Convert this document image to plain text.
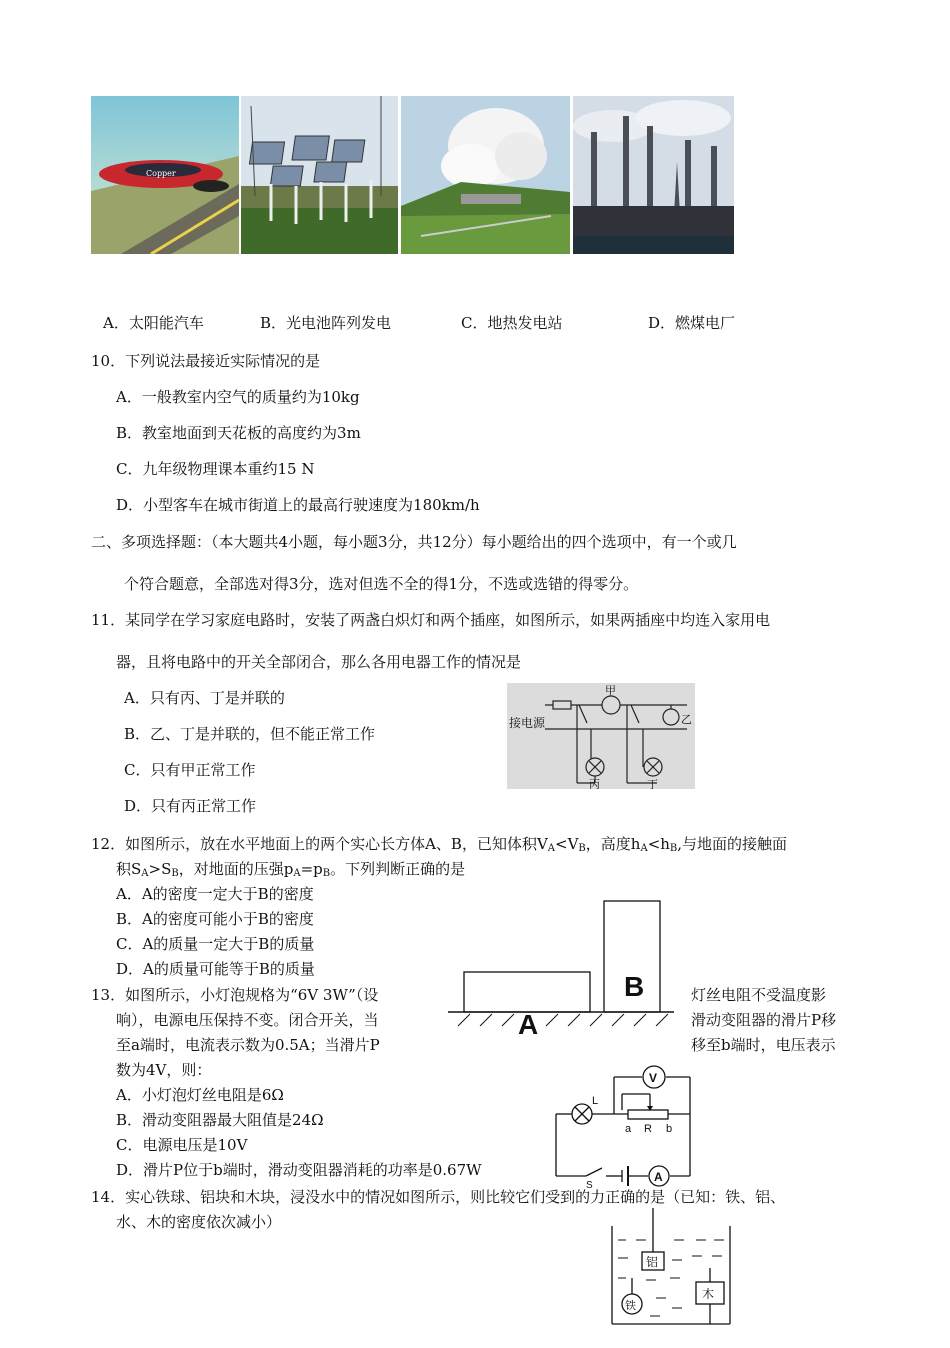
Copper
A．太阳能汽车	B．光电池阵列发电	C．地热发电站	D．燃煤电厂
10．下列说法最接近实际情况的是
A．一般教室内空气的质量约为10kg
B．教室地面到天花板的高度约为3m
C．九年级物理课本重约15 N
D．小型客车在城市街道上的最高行驶速度为180km/h
二、多项选择题：（本大题共4小题，每小题3分，共12分）每小题给出的四个选项中，有一个或几
个符合题意，全部选对得3分，选对但选不全的得1分，不选或选错的得零分。
11．某同学在学习家庭电路时，安装了两盏白炽灯和两个插座，如图所示，如果两插座中均连入家用电
器，且将电路中的开关全部闭合，那么各用电器工作的情况是
A．只有丙、丁是并联的
B．乙、丁是并联的，但不能正常工作
C．只有甲正常工作
D．只有丙正常工作
接电源
甲
乙
丙	丁
12．如图所示，放在水平地面上的两个实心长方体A、B，已知体积$V_A<V_B$，高度$h_A<h_B$,与地面的接触面
积$S_A>S_B$，对地面的压强$p_A=p_B$。下列判断正确的是
A．A的密度一定大于B的密度
B．A的密度可能小于B的密度
C．A的质量一定大于B的质量
D．A的质量可能等于B的质量
A
B
13．如图所示，小灯泡规格为“6V 3W”（设	灯丝电阻不受温度影
响），电源电压保持不变。闭合开关，当	滑动变阻器的滑片P移
至a端时，电流表示数为0.5A；当滑片P	移至b端时，电压表示
数为4V，则：
A．小灯泡灯丝电阻是6Ω
B．滑动变阻器最大阻值是24Ω
C．电源电压是10V
D．滑片P位于b端时，滑动变阻器消耗的功率是0.67W
V
L
a R b
S
A
14．实心铁球、铝块和木块，浸没水中的情况如图所示，则比较它们受到的力正确的是（已知：铁、铝、
水、木的密度依次减小）
铝
木
铁
